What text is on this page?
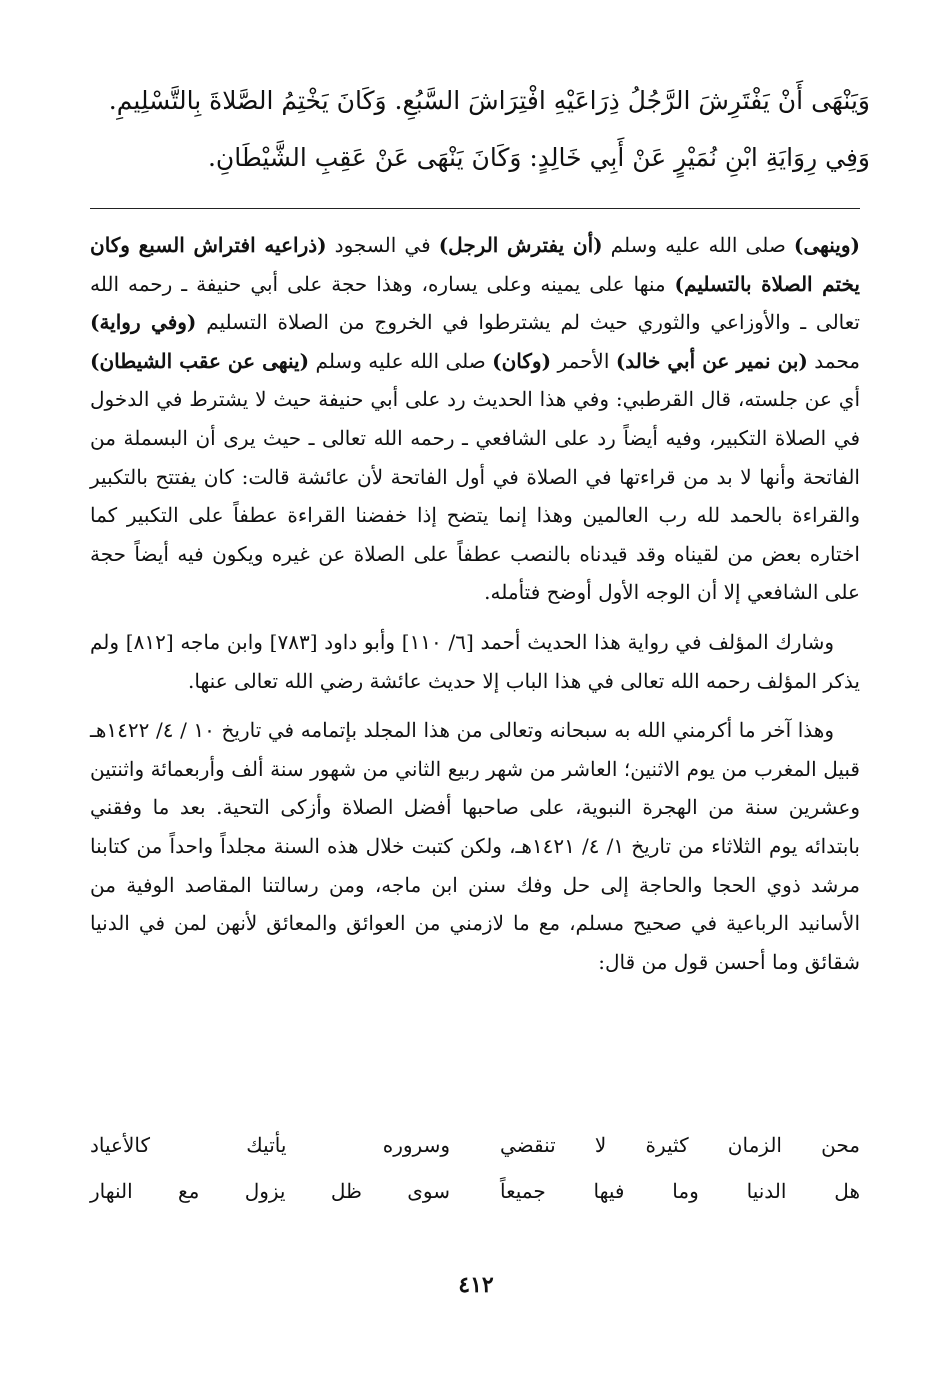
وَيَنْهَى أَنْ يَفْتَرِشَ الرَّجُلُ ذِرَاعَيْهِ افْتِرَاشَ السَّبُعِ. وَكَانَ يَخْتِمُ الصَّلاةَ بِالتَّسْلِيمِ.
وَفِي رِوَايَةِ ابْنِ نُمَيْرٍ عَنْ أَبِي خَالِدٍ: وَكَانَ يَنْهَى عَنْ عَقِبِ الشَّيْطَانِ.

(وينهى) صلى الله عليه وسلم (أن يفترش الرجل) في السجود (ذراعيه افتراش السبع وكان يختم الصلاة بالتسليم) منها على يمينه وعلى يساره، وهذا حجة على أبي حنيفة ـ رحمه الله تعالى ـ والأوزاعي والثوري حيث لم يشترطوا في الخروج من الصلاة التسليم (وفي رواية) محمد (بن نمير عن أبي خالد) الأحمر (وكان) صلى الله عليه وسلم (ينهى عن عقب الشيطان) أي عن جلسته، قال القرطبي: وفي هذا الحديث رد على أبي حنيفة حيث لا يشترط في الدخول في الصلاة التكبير، وفيه أيضاً رد على الشافعي ـ رحمه الله تعالى ـ حيث يرى أن البسملة من الفاتحة وأنها لا بد من قراءتها في الصلاة في أول الفاتحة لأن عائشة قالت: كان يفتتح بالتكبير والقراءة بالحمد لله رب العالمين وهذا إنما يتضح إذا خفضنا القراءة عطفاً على التكبير كما اختاره بعض من لقيناه وقد قيدناه بالنصب عطفاً على الصلاة عن غيره ويكون فيه أيضاً حجة على الشافعي إلا أن الوجه الأول أوضح فتأمله.

وشارك المؤلف في رواية هذا الحديث أحمد [٦/ ١١٠] وأبو داود [٧٨٣] وابن ماجه [٨١٢] ولم يذكر المؤلف رحمه الله تعالى في هذا الباب إلا حديث عائشة رضي الله تعالى عنها.

وهذا آخر ما أكرمني الله به سبحانه وتعالى من هذا المجلد بإتمامه في تاريخ ١٠ / ٤/ ١٤٢٢هـ قبيل المغرب من يوم الاثنين؛ العاشر من شهر ربيع الثاني من شهور سنة ألف وأربعمائة واثنتين وعشرين سنة من الهجرة النبوية، على صاحبها أفضل الصلاة وأزكى التحية. بعد ما وفقني بابتدائه يوم الثلاثاء من تاريخ ١/ ٤/ ١٤٢١هـ، ولكن كتبت خلال هذه السنة مجلداً واحداً من كتابنا مرشد ذوي الحجا والحاجة إلى حل وفك سنن ابن ماجه، ومن رسالتنا المقاصد الوفية من الأسانيد الرباعية في صحيح مسلم، مع ما لازمني من العوائق والمعائق لأنهن لمن في الدنيا شقائق وما أحسن قول من قال:

محن الزمان كثيرة لا تنقضي
وسروره يأتيك كالأعياد
هل الدنيا وما فيها جميعاً
سوى ظل يزول مع النهار
٤١٢
